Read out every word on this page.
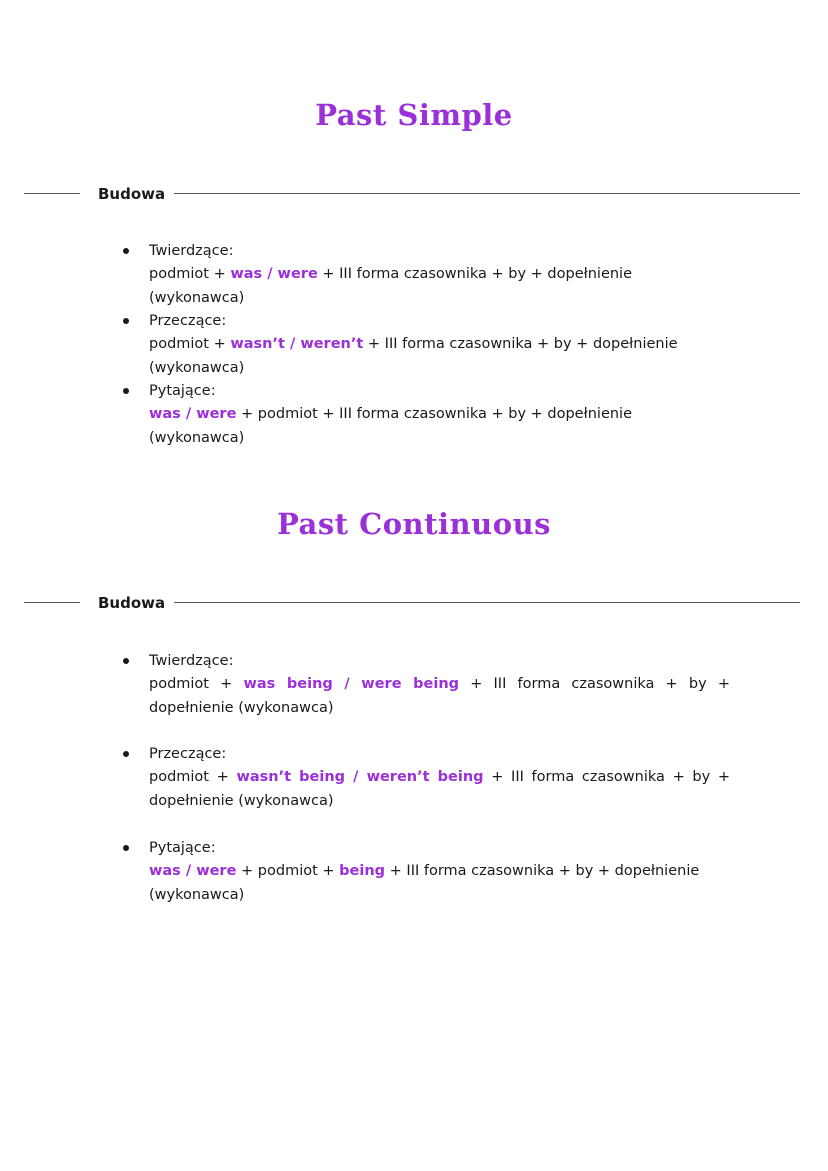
Past Simple
Budowa
Twierdzące:
podmiot + was / were + III forma czasownika + by + dopełnienie (wykonawca)
Przeczące:
podmiot + wasn’t / weren’t + III forma czasownika + by + dopełnienie (wykonawca)
Pytające:
was / were + podmiot + III forma czasownika + by + dopełnienie (wykonawca)
Past Continuous
Budowa
Twierdzące:
podmiot + was being / were being + III forma czasownika + by + dopełnienie (wykonawca)
Przeczące:
podmiot + wasn’t being / weren’t being + III forma czasownika + by + dopełnienie (wykonawca)
Pytające:
was / were + podmiot + being + III forma czasownika + by + dopełnienie (wykonawca)
